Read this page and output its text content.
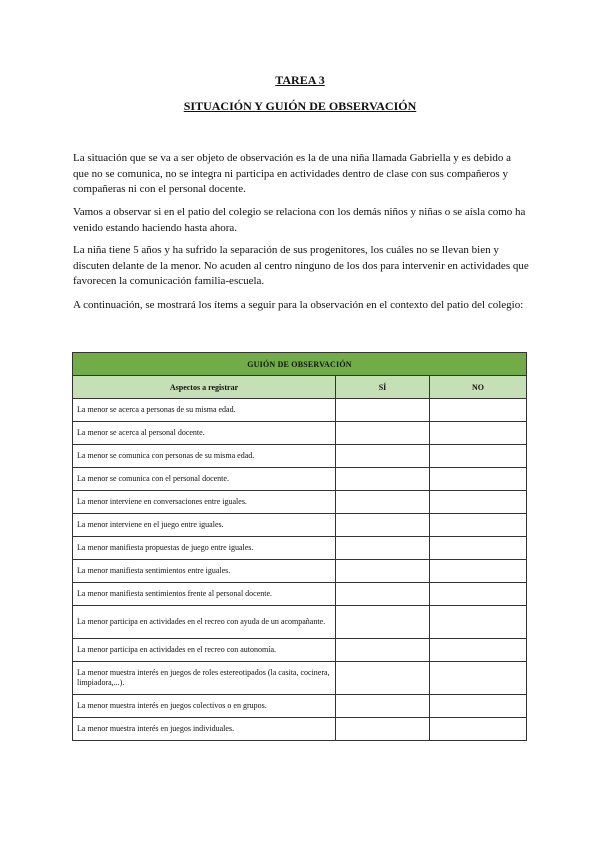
TAREA 3
SITUACIÓN Y GUIÓN DE OBSERVACIÓN

La situación que se va a ser objeto de observación es la de una niña llamada Gabriella y es debido a que no se comunica, no se integra ni participa en actividades dentro de clase con sus compañeros y compañeras ni con el personal docente.

Vamos a observar si en el patio del colegio se relaciona con los demás niños y niñas o se aísla como ha venido estando haciendo hasta ahora.

La niña tiene 5 años y ha sufrido la separación de sus progenitores, los cuáles no se llevan bien y discuten delante de la menor. No acuden al centro ninguno de los dos para intervenir en actividades que favorecen la comunicación familia-escuela.

A continuación, se mostrará los ítems a seguir para la observación en el contexto del patio del colegio:

GUIÓN DE OBSERVACIÓN		
Aspectos a registrar	SÍ	NO
La menor se acerca a personas de su misma edad.		
La menor se acerca al personal docente.		
La menor se comunica con personas de su misma edad.		
La menor se comunica con el personal docente.		
La menor interviene en conversaciones entre iguales.		
La menor interviene en el juego entre iguales.		
La menor manifiesta propuestas de juego entre iguales.		
La menor manifiesta sentimientos entre iguales.		
La menor manifiesta sentimientos frente al personal docente.		
La menor participa en actividades en el recreo con ayuda de un acompañante.		
La menor participa en actividades en el recreo con autonomía.		
La menor muestra interés en juegos de roles estereotipados (la casita, cocinera, limpiadora,...).		
La menor muestra interés en juegos colectivos o en grupos.		
La menor muestra interés en juegos individuales.		
